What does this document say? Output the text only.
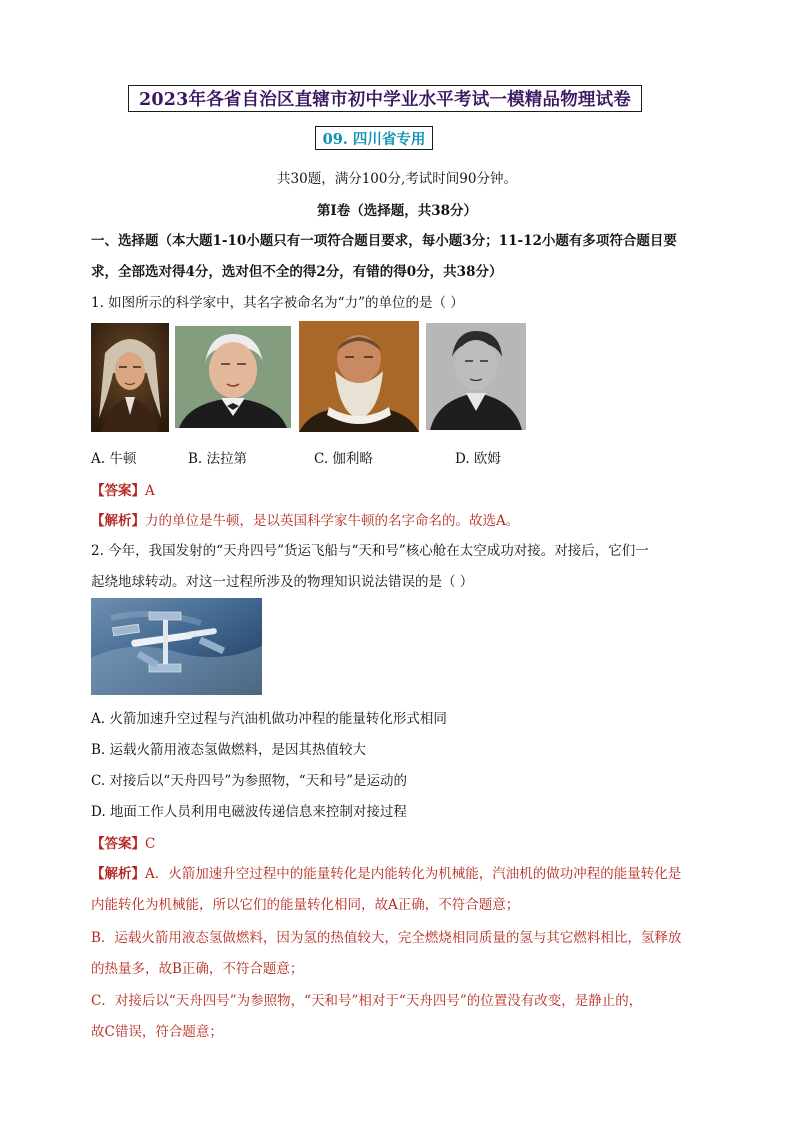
2023年各省自治区直辖市初中学业水平考试一模精品物理试卷
09. 四川省专用
共30题，满分100分,考试时间90分钟。
第I卷（选择题，共38分）
一、选择题（本大题1-10小题只有一项符合题目要求，每小题3分；11-12小题有多项符合题目要
求，全部选对得4分，选对但不全的得2分，有错的得0分，共38分）
1. 如图所示的科学家中，其名字被命名为“力”的单位的是（ ）
A. 牛顿	B. 法拉第	C. 伽利略	D. 欧姆
【答案】A
【解析】力的单位是牛顿，是以英国科学家牛顿的名字命名的。故选A。
2. 今年，我国发射的“天舟四号”货运飞船与“天和号”核心舱在太空成功对接。对接后，它们一
起绕地球转动。对这一过程所涉及的物理知识说法错误的是（ ）
A. 火箭加速升空过程与汽油机做功冲程的能量转化形式相同
B. 运载火箭用液态氢做燃料，是因其热值较大
C. 对接后以“天舟四号”为参照物，“天和号”是运动的
D. 地面工作人员利用电磁波传递信息来控制对接过程
【答案】C
【解析】A．火箭加速升空过程中的能量转化是内能转化为机械能，汽油机的做功冲程的能量转化是
内能转化为机械能，所以它们的能量转化相同，故A正确，不符合题意；
B．运载火箭用液态氢做燃料，因为氢的热值较大，完全燃烧相同质量的氢与其它燃料相比，氢释放
的热量多，故B正确，不符合题意；
C．对接后以“天舟四号”为参照物，“天和号”相对于“天舟四号”的位置没有改变，是静止的，
故C错误，符合题意；
